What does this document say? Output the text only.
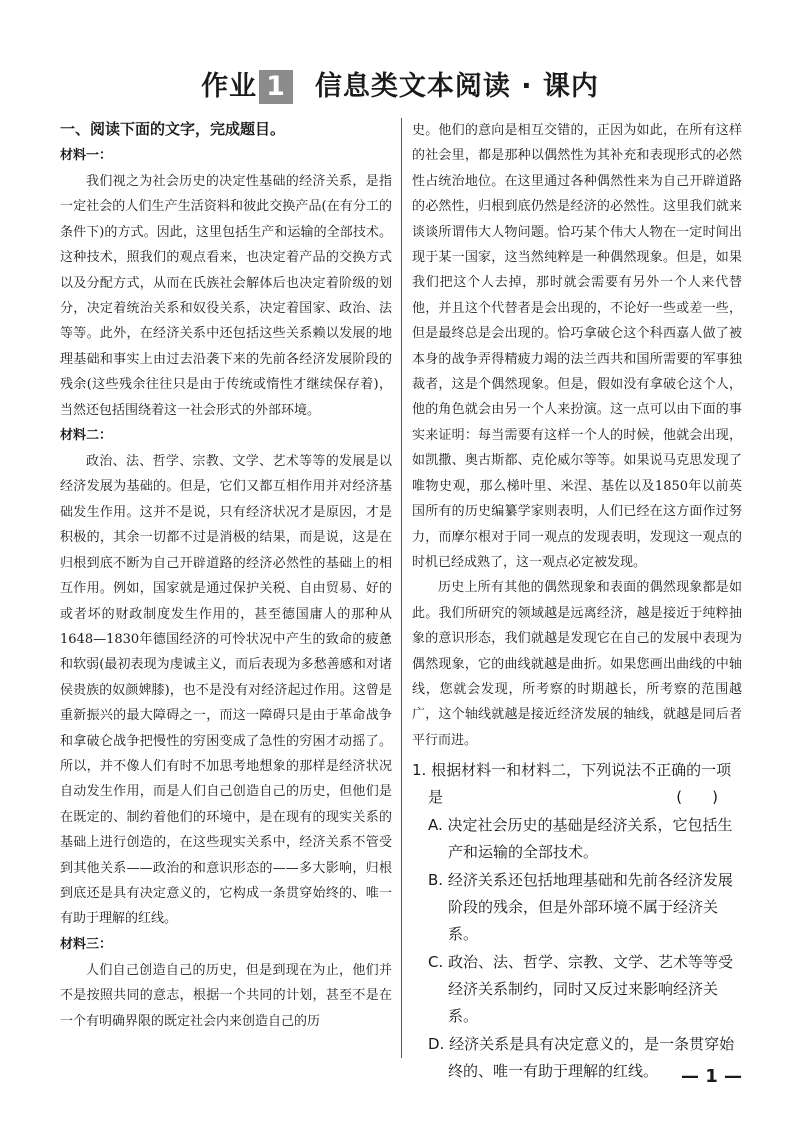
作业 1 信息类文本阅读 · 课内
一、阅读下面的文字，完成题目。
材料一：

我们视之为社会历史的决定性基础的经济关系，是指一定社会的人们生产生活资料和彼此交换产品(在有分工的条件下)的方式。因此，这里包括生产和运输的全部技术。这种技术，照我们的观点看来，也决定着产品的交换方式以及分配方式，从而在氏族社会解体后也决定着阶级的划分，决定着统治关系和奴役关系，决定着国家、政治、法等等。此外，在经济关系中还包括这些关系赖以发展的地理基础和事实上由过去沿袭下来的先前各经济发展阶段的残余(这些残余往往只是由于传统或惰性才继续保存着)，当然还包括围绕着这一社会形式的外部环境。

材料二：

政治、法、哲学、宗教、文学、艺术等等的发展是以经济发展为基础的。但是，它们又都互相作用并对经济基础发生作用。这并不是说，只有经济状况才是原因，才是积极的，其余一切都不过是消极的结果，而是说，这是在归根到底不断为自己开辟道路的经济必然性的基础上的相互作用。例如，国家就是通过保护关税、自由贸易、好的或者坏的财政制度发生作用的，甚至德国庸人的那种从1648—1830年德国经济的可怜状况中产生的致命的疲惫和软弱(最初表现为虔诚主义，而后表现为多愁善感和对诸侯贵族的奴颜婢膝)，也不是没有对经济起过作用。这曾是重新振兴的最大障碍之一，而这一障碍只是由于革命战争和拿破仑战争把慢性的穷困变成了急性的穷困才动摇了。所以，并不像人们有时不加思考地想象的那样是经济状况自动发生作用，而是人们自己创造自己的历史，但他们是在既定的、制约着他们的环境中，是在现有的现实关系的基础上进行创造的，在这些现实关系中，经济关系不管受到其他关系——政治的和意识形态的——多大影响，归根到底还是具有决定意义的，它构成一条贯穿始终的、唯一有助于理解的红线。

材料三：

人们自己创造自己的历史，但是到现在为止，他们并不是按照共同的意志，根据一个共同的计划，甚至不是在一个有明确界限的既定社会内来创造自己的历

史。他们的意向是相互交错的，正因为如此，在所有这样的社会里，都是那种以偶然性为其补充和表现形式的必然性占统治地位。在这里通过各种偶然性来为自己开辟道路的必然性，归根到底仍然是经济的必然性。这里我们就来谈谈所谓伟大人物问题。恰巧某个伟大人物在一定时间出现于某一国家，这当然纯粹是一种偶然现象。但是，如果我们把这个人去掉，那时就会需要有另外一个人来代替他，并且这个代替者是会出现的，不论好一些或差一些，但是最终总是会出现的。恰巧拿破仑这个科西嘉人做了被本身的战争弄得精疲力竭的法兰西共和国所需要的军事独裁者，这是个偶然现象。但是，假如没有拿破仑这个人，他的角色就会由另一个人来扮演。这一点可以由下面的事实来证明：每当需要有这样一个人的时候，他就会出现，如凯撒、奥古斯都、克伦威尔等等。如果说马克思发现了唯物史观，那么梯叶里、米涅、基佐以及1850年以前英国所有的历史编纂学家则表明，人们已经在这方面作过努力，而摩尔根对于同一观点的发现表明，发现这一观点的时机已经成熟了，这一观点必定被发现。

历史上所有其他的偶然现象和表面的偶然现象都是如此。我们所研究的领域越是远离经济，越是接近于纯粹抽象的意识形态，我们就越是发现它在自己的发展中表现为偶然现象，它的曲线就越是曲折。如果您画出曲线的中轴线，您就会发现，所考察的时期越长，所考察的范围越广，这个轴线就越是接近经济发展的轴线，就越是同后者平行而进。

1. 根据材料一和材料二，下列说法不正确的一项是	(　　)
A. 决定社会历史的基础是经济关系，它包括生产和运输的全部技术。
B. 经济关系还包括地理基础和先前各经济发展阶段的残余，但是外部环境不属于经济关系。
C. 政治、法、哲学、宗教、文学、艺术等等受经济关系制约，同时又反过来影响经济关系。
D. 经济关系是具有决定意义的，是一条贯穿始终的、唯一有助于理解的红线。	— 1 —
